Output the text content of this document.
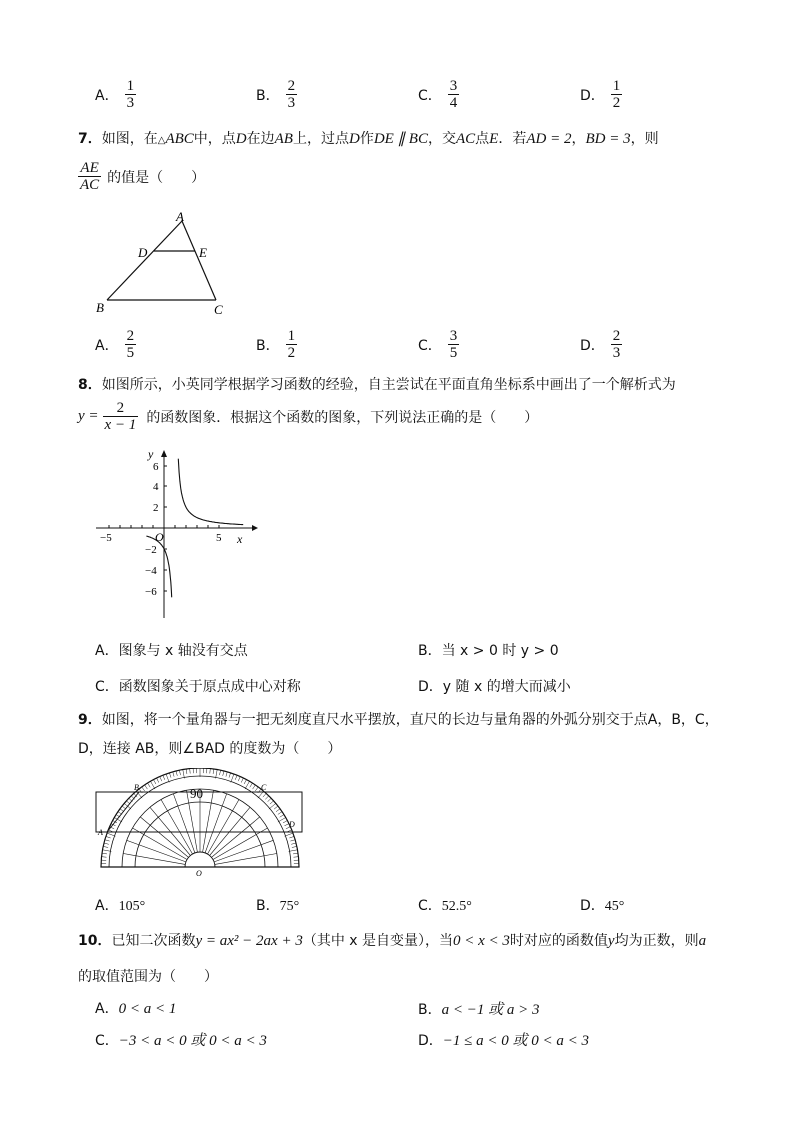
A． $\frac{1}{3}$	B． $\frac{2}{3}$	C． $\frac{3}{4}$	D． $\frac{1}{2}$
7．如图，在△ABC中，点D在边AB上，过点D作DE ∥ BC，交AC点E．若AD = 2，BD = 3，则
$\frac{AE}{AC}$ 的值是（　　）
A
D	E
B	C
A． $\frac{2}{5}$	B． $\frac{1}{2}$	C． $\frac{3}{5}$	D． $\frac{2}{3}$
8．如图所示，小英同学根据学习函数的经验，自主尝试在平面直角坐标系中画出了一个解析式为
$y = \frac{2}{x - 1}$ 的函数图象．根据这个函数的图象，下列说法正确的是（　　）
y
x
O
−5	5
6
4
2
−2
−4
−6
A．图象与 x 轴没有交点	B．当 x > 0 时 y > 0
C．函数图象关于原点成中心对称	D．y 随 x 的增大而减小
9．如图，将一个量角器与一把无刻度直尺水平摆放，直尺的长边与量角器的外弧分别交于点A，B，C，
D，连接 AB，则∠BAD 的度数为（　　）
90
B	C
A
D
O
A．105°	B．75°	C．52.5°	D．45°
10．已知二次函数y = ax² − 2ax + 3（其中 x 是自变量），当0 < x < 3时对应的函数值y均为正数，则a
的取值范围为（　　）
A．0 < a < 1	B．a < −1 或 a > 3
C．−3 < a < 0 或 0 < a < 3	D．−1 ≤ a < 0 或 0 < a < 3
